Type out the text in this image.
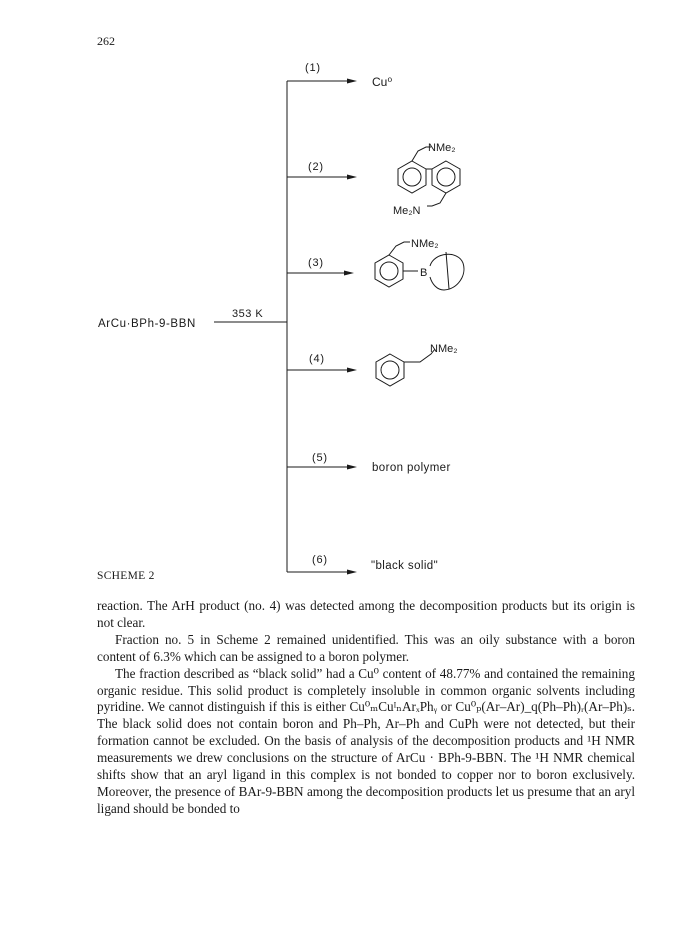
262
ArCu·BPh-9-BBN
353 K
(1)
Cu⁰
(2)
NMe₂
Me₂N
(3)
NMe₂
B
(4)
NMe₂
(5)
boron polymer
(6)	"black solid"
SCHEME 2

reaction. The ArH product (no. 4) was detected among the decomposition products but its origin is not clear.

Fraction no. 5 in Scheme 2 remained unidentified. This was an oily substance with a boron content of 6.3% which can be assigned to a boron polymer.

The fraction described as “black solid” had a Cu⁰ content of 48.77% and contained the remaining organic residue. This solid product is completely insoluble in common organic solvents including pyridine. We cannot distinguish if this is either Cu⁰ₘCuᴵₙArₓPhᵧ or Cu⁰ₚ(Ar–Ar)_q(Ph–Ph)ᵣ(Ar–Ph)ₛ. The black solid does not contain boron and Ph–Ph, Ar–Ph and CuPh were not detected, but their formation cannot be excluded. On the basis of analysis of the decomposition products and ¹H NMR measurements we drew conclusions on the structure of ArCu · BPh-9-BBN. The ¹H NMR chemical shifts show that an aryl ligand in this complex is not bonded to copper nor to boron exclusively. Moreover, the presence of BAr-9-BBN among the decomposition products let us presume that an aryl ligand should be bonded to
